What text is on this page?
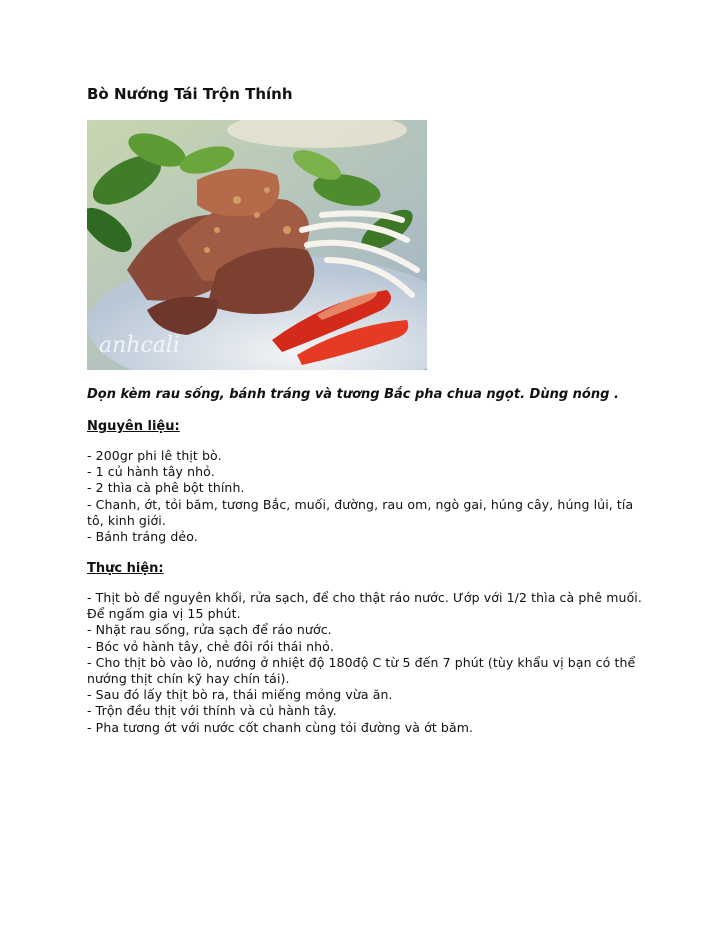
Bò Nướng Tái Trộn Thính
anhcali

Dọn kèm rau sống, bánh tráng và tương Bắc pha chua ngọt. Dùng nóng .

Nguyên liệu:

- 200gr phi lê thịt bò.
- 1 củ hành tây nhỏ.
- 2 thìa cà phê bột thính.
- Chanh, ớt, tỏi băm, tương Bắc, muối, đường, rau om, ngò gai, húng cây, húng lủi, tía tô, kinh giới.
- Bánh tráng dẻo.

Thực hiện:

- Thịt bò để nguyên khối, rửa sạch, để cho thật ráo nước. Ướp với 1/2 thìa cà phê muối. Để ngấm gia vị 15 phút.
- Nhặt rau sống, rửa sạch để ráo nước.
- Bóc vỏ hành tây, chẻ đôi rồi thái nhỏ.
- Cho thịt bò vào lò, nướng ở nhiệt độ 180độ C từ 5 đến 7 phút (tùy khẩu vị bạn có thể nướng thịt chín kỹ hay chín tái).
- Sau đó lấy thịt bò ra, thái miếng mỏng vừa ăn.
- Trộn đều thịt với thính và củ hành tây.
- Pha tương ớt với nước cốt chanh cùng tỏi đường và ớt băm.
